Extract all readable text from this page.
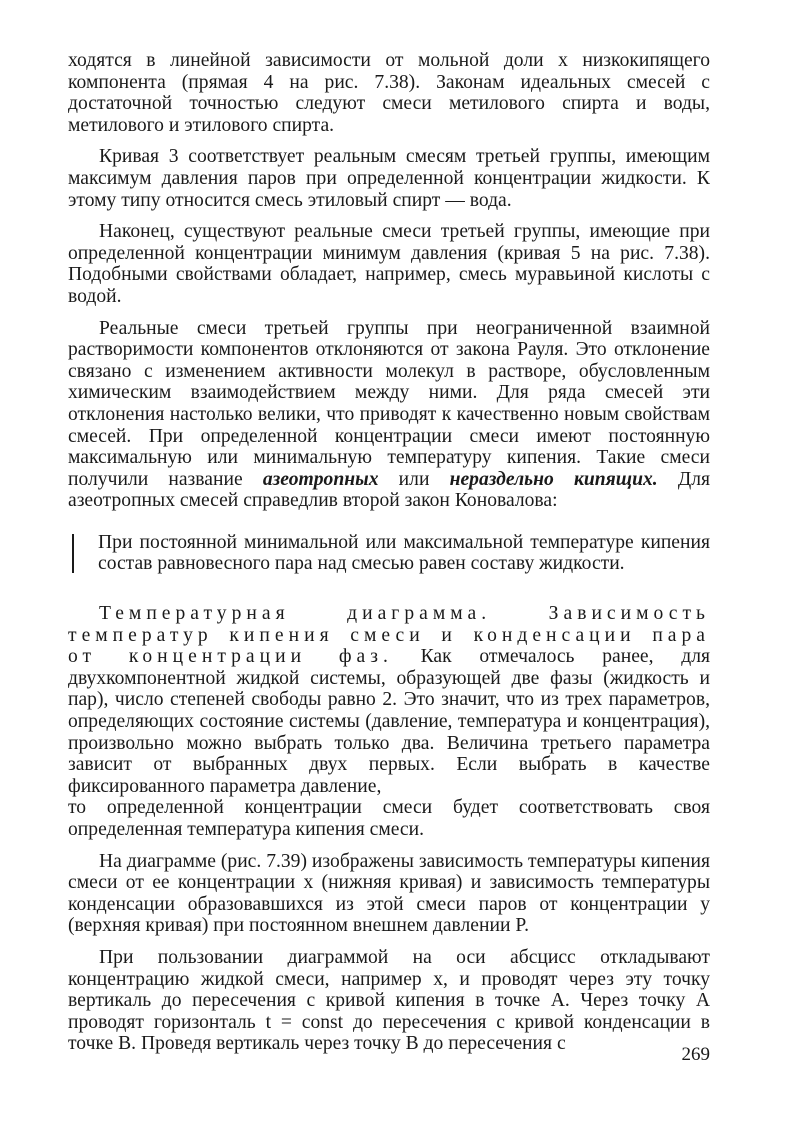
ходятся в линейной зависимости от мольной доли x низкокипящего компонента (прямая 4 на рис. 7.38). Законам идеальных смесей с достаточной точностью следуют смеси метилового спирта и воды, метилового и этилового спирта.

Кривая 3 соответствует реальным смесям третьей группы, имеющим максимум давления паров при определенной концентрации жидкости. К этому типу относится смесь этиловый спирт — вода.

Наконец, существуют реальные смеси третьей группы, имеющие при определенной концентрации минимум давления (кривая 5 на рис. 7.38). Подобными свойствами обладает, например, смесь муравьиной кислоты с водой.

Реальные смеси третьей группы при неограниченной взаимной растворимости компонентов отклоняются от закона Рауля. Это отклонение связано с изменением активности молекул в растворе, обусловленным химическим взаимодействием между ними. Для ряда смесей эти отклонения настолько велики, что приводят к качественно новым свойствам смесей. При определенной концентрации смеси имеют постоянную максимальную или минимальную температуру кипения. Такие смеси получили название азеотропных или нераздельно кипящих. Для азеотропных смесей справедлив второй закон Коновалова:

При постоянной минимальной или максимальной температуре кипения состав равновесного пара над смесью равен составу жидкости.

Температурная диаграмма. Зависимость температур кипения смеси и конденсации пара от концентрации фаз. Как отмечалось ранее, для двухкомпонентной жидкой системы, образующей две фазы (жидкость и пар), число степеней свободы равно 2. Это значит, что из трех параметров, определяющих состояние системы (давление, температура и концентрация), произвольно можно выбрать только два. Величина третьего параметра зависит от выбранных двух первых. Если выбрать в качестве фиксированного параметра давление,

то определенной концентрации смеси будет соответствовать своя определенная температура кипения смеси.

На диаграмме (рис. 7.39) изображены зависимость температуры кипения смеси от ее концентрации x (нижняя кривая) и зависимость температуры конденсации образовавшихся из этой смеси паров от концентрации y (верхняя кривая) при постоянном внешнем давлении P.

При пользовании диаграммой на оси абсцисс откладывают концентрацию жидкой смеси, например x, и проводят через эту точку вертикаль до пересечения с кривой кипения в точке A. Через точку A проводят горизонталь t = const до пересечения с кривой конденсации в точке B. Проведя вертикаль через точку B до пересечения с

269
